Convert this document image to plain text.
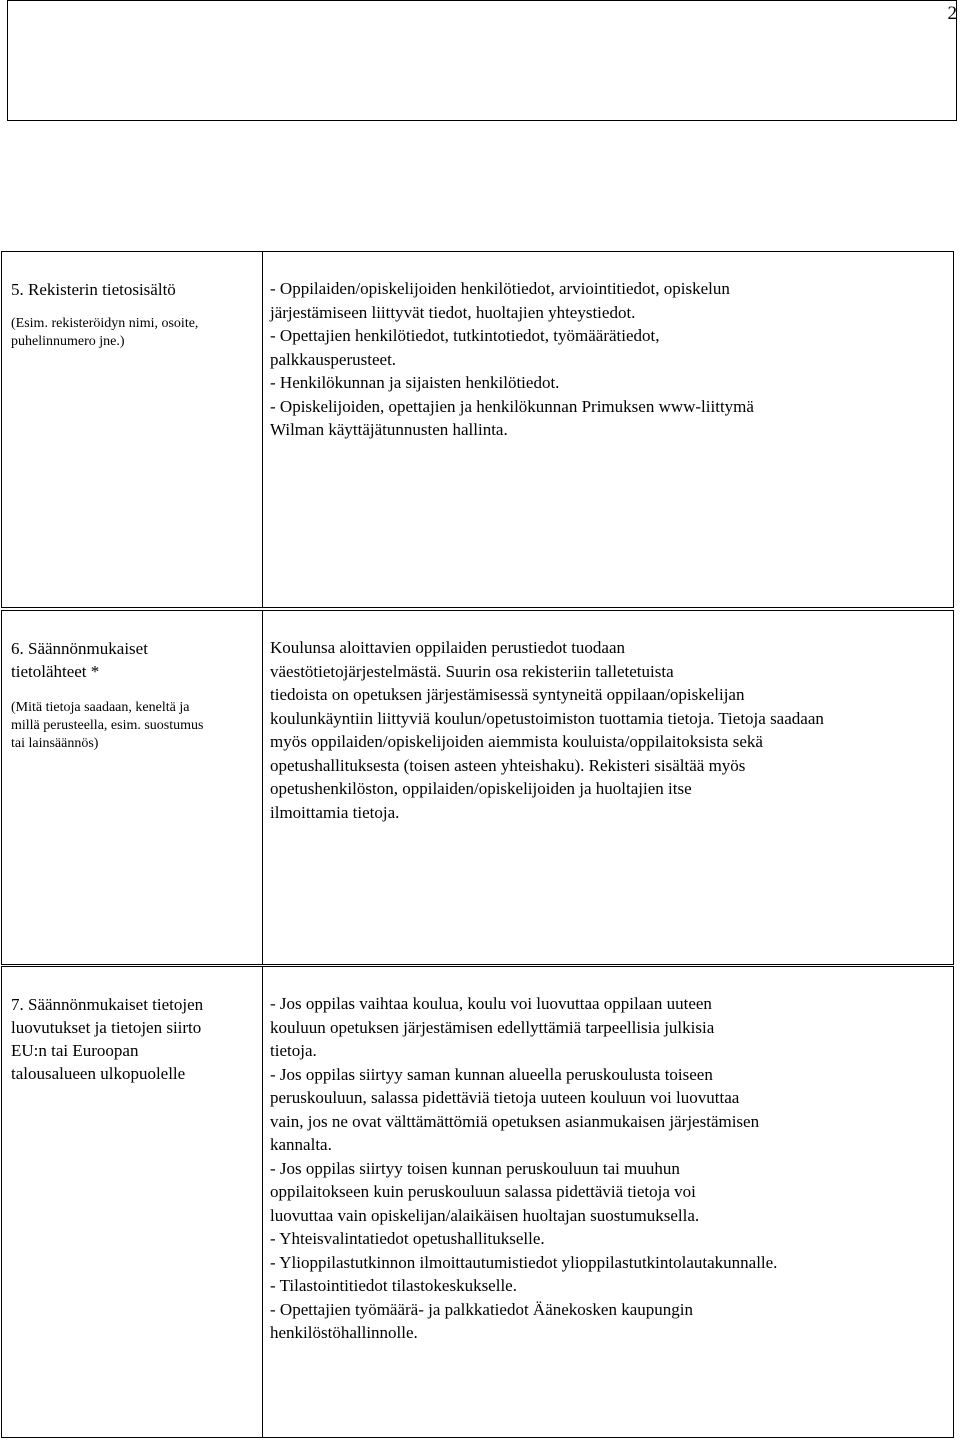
2
5. Rekisterin tietosisältö
(Esim. rekisteröidyn nimi, osoite,
puhelinnumero jne.)

- Oppilaiden/opiskelijoiden henkilötiedot, arviointitiedot, opiskelun
järjestämiseen liittyvät tiedot, huoltajien yhteystiedot.
- Opettajien henkilötiedot, tutkintotiedot, työmäärätiedot,
palkkausperusteet.
- Henkilökunnan ja sijaisten henkilötiedot.
- Opiskelijoiden, opettajien ja henkilökunnan Primuksen www-liittymä
Wilman käyttäjätunnusten hallinta.
6. Säännönmukaiset
tietolähteet *
(Mitä tietoja saadaan, keneltä ja
millä perusteella, esim. suostumus
tai lainsäännös)

Koulunsa aloittavien oppilaiden perustiedot tuodaan
väestötietojärjestelmästä. Suurin osa rekisteriin talletetuista
tiedoista on opetuksen järjestämisessä syntyneitä oppilaan/opiskelijan
koulunkäyntiin liittyviä koulun/opetustoimiston tuottamia tietoja. Tietoja saadaan
myös oppilaiden/opiskelijoiden aiemmista kouluista/oppilaitoksista sekä
opetushallituksesta (toisen asteen yhteishaku). Rekisteri sisältää myös
opetushenkilöston, oppilaiden/opiskelijoiden ja huoltajien itse
ilmoittamia tietoja.
7. Säännönmukaiset tietojen
luovutukset ja tietojen siirto
EU:n tai Euroopan
talousalueen ulkopuolelle

- Jos oppilas vaihtaa koulua, koulu voi luovuttaa oppilaan uuteen
kouluun opetuksen järjestämisen edellyttämiä tarpeellisia julkisia
tietoja.
- Jos oppilas siirtyy saman kunnan alueella peruskoulusta toiseen
peruskouluun, salassa pidettäviä tietoja uuteen kouluun voi luovuttaa
vain, jos ne ovat välttämättömiä opetuksen asianmukaisen järjestämisen
kannalta.
- Jos oppilas siirtyy toisen kunnan peruskouluun tai muuhun
oppilaitokseen kuin peruskouluun salassa pidettäviä tietoja voi
luovuttaa vain opiskelijan/alaikäisen huoltajan suostumuksella.
- Yhteisvalintatiedot opetushallitukselle.
- Ylioppilastutkinnon ilmoittautumistiedot ylioppilastutkintolautakunnalle.
- Tilastointitiedot tilastokeskukselle.
- Opettajien työmäärä- ja palkkatiedot Äänekosken kaupungin
henkilöstöhallinnolle.
